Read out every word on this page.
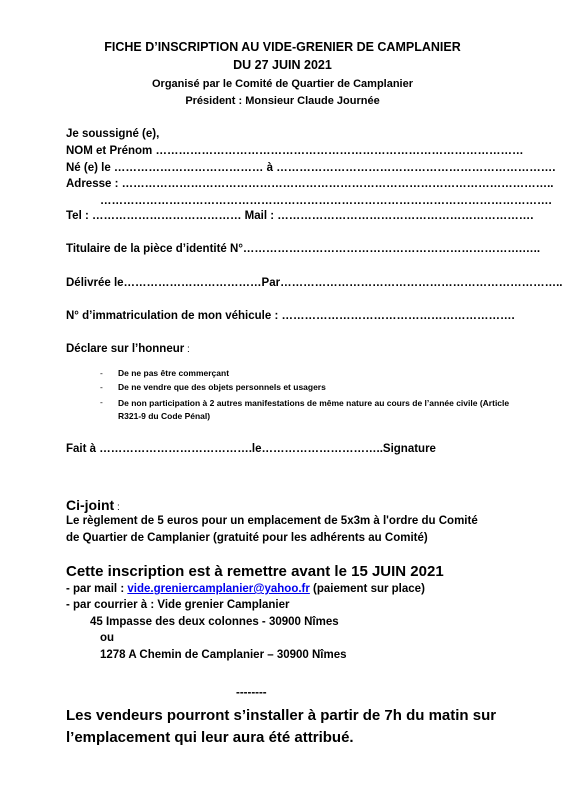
FICHE D’INSCRIPTION AU VIDE-GRENIER DE CAMPLANIER
DU 27 JUIN 2021
Organisé par le Comité de Quartier de Camplanier
Président : Monsieur Claude Journée
Je soussigné (e),
NOM et Prénom ……………………………………………………………………………………
Né (e) le ………………………………… à ……………………………………………………………….
Adresse : …………………………………………………………………………………………………..
……………………………………………………………………………………………………….
Tel : ………………………………… Mail : ………………………………………………………….
Titulaire de la pièce d’identité N°……………………………………………………………….…..
Délivrée le………………………………Par………………………………………………………………..
N° d’immatriculation de mon véhicule : …………………………………………………….
Déclare sur l’honneur :
- De ne pas être commerçant
- De ne vendre que des objets personnels et usagers
- De non participation à 2 autres manifestations de même nature au cours de l’année civile (Article R321-9 du Code Pénal)
Fait à ………………………………….le…………………………..Signature
Ci-joint :
Le règlement de 5 euros pour un emplacement de 5x3m à l'ordre du Comité
de Quartier de Camplanier (gratuité pour les adhérents au Comité)
Cette inscription est à remettre avant le 15 JUIN 2021
- par mail : vide.greniercamplanier@yahoo.fr (paiement sur place)
- par courrier à : Vide grenier Camplanier
45 Impasse des deux colonnes - 30900 Nîmes
ou
1278 A Chemin de Camplanier – 30900 Nîmes
--------
Les vendeurs pourront s’installer à partir de 7h du matin sur
l’emplacement qui leur aura été attribué.
